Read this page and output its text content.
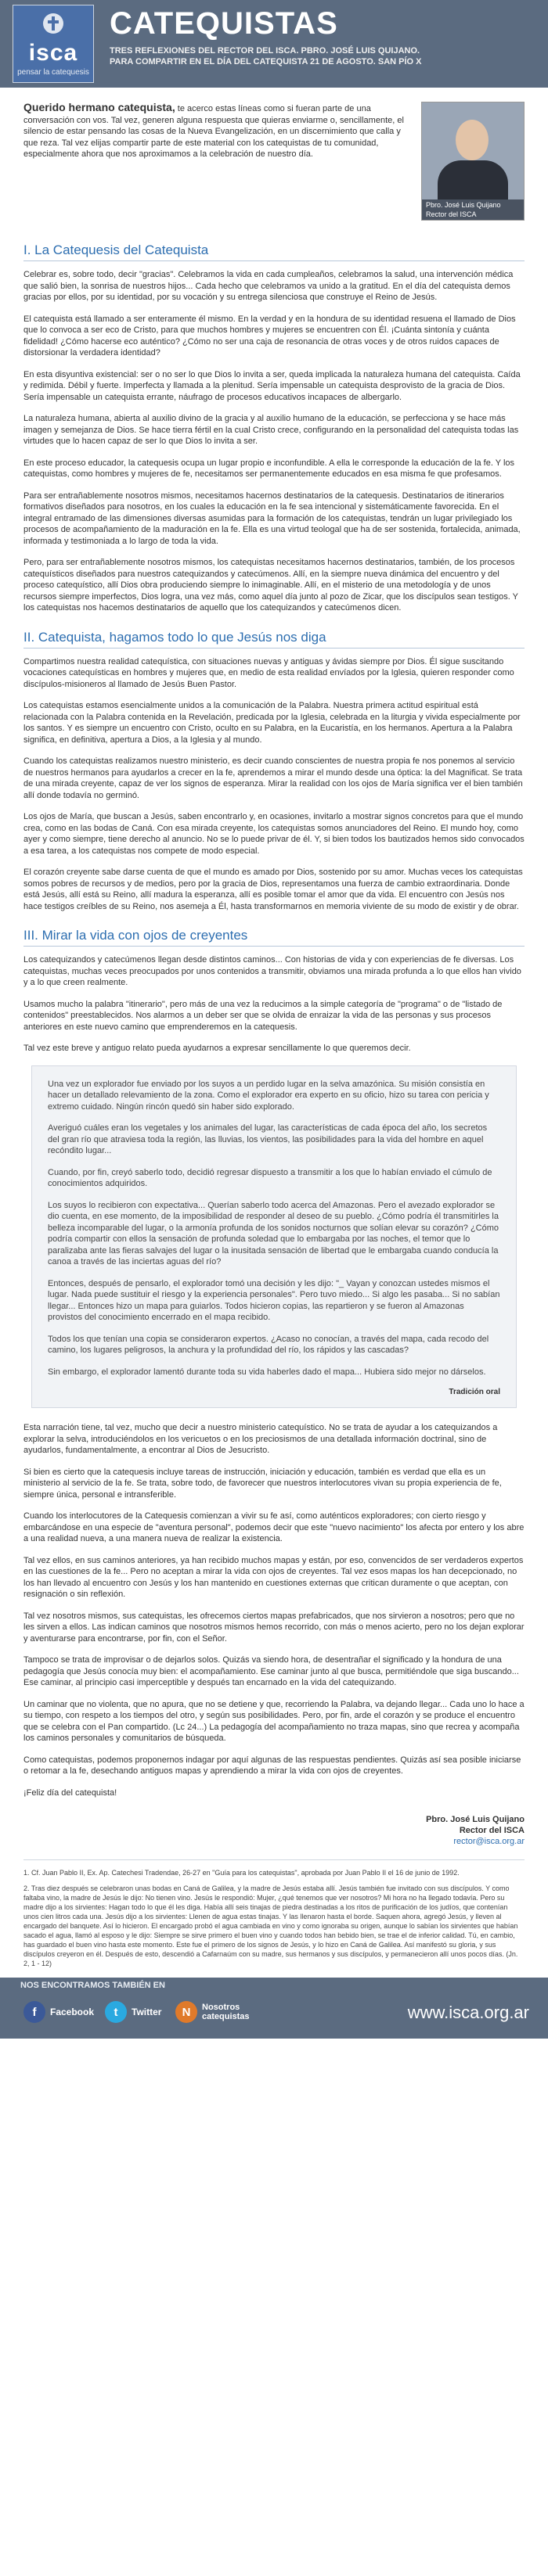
isca
pensar la catequesis
CATEQUISTAS
TRES REFLEXIONES DEL RECTOR DEL ISCA. PBRO. JOSÉ LUIS QUIJANO.
PARA COMPARTIR EN EL DÍA DEL CATEQUISTA 21 DE AGOSTO. SAN PÍO X
Pbro. José Luis Quijano
Rector del ISCA

Querido hermano catequista, te acerco estas líneas como si fueran parte de una conversación con vos. Tal vez, generen alguna respuesta que quieras enviarme o, sencillamente, el silencio de estar pensando las cosas de la Nueva Evangelización, en un discernimiento que calla y que reza. Tal vez elijas compartir parte de este material con los catequistas de tu comunidad, especialmente ahora que nos aproximamos a la celebración de nuestro día.

I. La Catequesis del Catequista

Celebrar es, sobre todo, decir "gracias". Celebramos la vida en cada cumpleaños, celebramos la salud, una intervención médica que salió bien, la sonrisa de nuestros hijos... Cada hecho que celebramos va unido a la gratitud. En el día del catequista demos gracias por ellos, por su identidad, por su vocación y su entrega silenciosa que construye el Reino de Jesús.

El catequista está llamado a ser enteramente él mismo. En la verdad y en la hondura de su identidad resuena el llamado de Dios que lo convoca a ser eco de Cristo, para que muchos hombres y mujeres se encuentren con Él. ¡Cuánta sintonía y cuánta fidelidad! ¿Cómo hacerse eco auténtico? ¿Cómo no ser una caja de resonancia de otras voces y de otros ruidos capaces de distorsionar la verdadera identidad?

En esta disyuntiva existencial: ser o no ser lo que Dios lo invita a ser, queda implicada la naturaleza humana del catequista. Caída y redimida. Débil y fuerte. Imperfecta y llamada a la plenitud. Sería impensable un catequista desprovisto de la gracia de Dios. Sería impensable un catequista errante, náufrago de procesos educativos incapaces de albergarlo.

La naturaleza humana, abierta al auxilio divino de la gracia y al auxilio humano de la educación, se perfecciona y se hace más imagen y semejanza de Dios. Se hace tierra fértil en la cual Cristo crece, configurando en la personalidad del catequista todas las virtudes que lo hacen capaz de ser lo que Dios lo invita a ser.

En este proceso educador, la catequesis ocupa un lugar propio e inconfundible. A ella le corresponde la educación de la fe. Y los catequistas, como hombres y mujeres de fe, necesitamos ser permanentemente educados en esa misma fe que profesamos.

Para ser entrañablemente nosotros mismos, necesitamos hacernos destinatarios de la catequesis. Destinatarios de itinerarios formativos diseñados para nosotros, en los cuales la educación en la fe sea intencional y sistemáticamente favorecida. En el integral entramado de las dimensiones diversas asumidas para la formación de los catequistas, tendrán un lugar privilegiado los procesos de acompañamiento de la maduración en la fe. Ella es una virtud teologal que ha de ser sostenida, fortalecida, animada, informada y testimoniada a lo largo de toda la vida.

Pero, para ser entrañablemente nosotros mismos, los catequistas necesitamos hacernos destinatarios, también, de los procesos catequísticos diseñados para nuestros catequizandos y catecúmenos. Allí, en la siempre nueva dinámica del encuentro y del proceso catequístico, allí Dios obra produciendo siempre lo inimaginable. Allí, en el misterio de una metodología y de unos recursos siempre imperfectos, Dios logra, una vez más, como aquel día junto al pozo de Zicar, que los discípulos sean testigos. Y los catequistas nos hacemos destinatarios de aquello que los catequizandos y catecúmenos dicen.

II. Catequista, hagamos todo lo que Jesús nos diga

Compartimos nuestra realidad catequística, con situaciones nuevas y antiguas y ávidas siempre por Dios. Él sigue suscitando vocaciones catequísticas en hombres y mujeres que, en medio de esta realidad envíados por la Iglesia, quieren responder como discípulos-misioneros al llamado de Jesús Buen Pastor.

Los catequistas estamos esencialmente unidos a la comunicación de la Palabra. Nuestra primera actitud espiritual está relacionada con la Palabra contenida en la Revelación, predicada por la Iglesia, celebrada en la liturgia y vivida especialmente por los santos. Y es siempre un encuentro con Cristo, oculto en su Palabra, en la Eucaristía, en los hermanos. Apertura a la Palabra significa, en definitiva, apertura a Dios, a la Iglesia y al mundo.

Cuando los catequistas realizamos nuestro ministerio, es decir cuando conscientes de nuestra propia fe nos ponemos al servicio de nuestros hermanos para ayudarlos a crecer en la fe, aprendemos a mirar el mundo desde una óptica: la del Magnificat. Se trata de una mirada creyente, capaz de ver los signos de esperanza. Mirar la realidad con los ojos de María significa ver el bien también allí donde todavía no germinó.

Los ojos de María, que buscan a Jesús, saben encontrarlo y, en ocasiones, invitarlo a mostrar signos concretos para que el mundo crea, como en las bodas de Caná. Con esa mirada creyente, los catequistas somos anunciadores del Reino. El mundo hoy, como ayer y como siempre, tiene derecho al anuncio. No se lo puede privar de él. Y, si bien todos los bautizados hemos sido convocados a esa tarea, a los catequistas nos compete de modo especial.

El corazón creyente sabe darse cuenta de que el mundo es amado por Dios, sostenido por su amor. Muchas veces los catequistas somos pobres de recursos y de medios, pero por la gracia de Dios, representamos una fuerza de cambio extraordinaria. Donde está Jesús, allí está su Reino, allí madura la esperanza, allí es posible tomar el amor que da vida. El encuentro con Jesús nos hace testigos creíbles de su Reino, nos asemeja a Él, hasta transformarnos en memoria viviente de su modo de existir y de obrar.

III. Mirar la vida con ojos de creyentes

Los catequizandos y catecúmenos llegan desde distintos caminos... Con historias de vida y con experiencias de fe diversas. Los catequistas, muchas veces preocupados por unos contenidos a transmitir, obviamos una mirada profunda a lo que ellos han vivido y a lo que creen realmente.

Usamos mucho la palabra "itinerario", pero más de una vez la reducimos a la simple categoría de "programa" o de "listado de contenidos" preestablecidos. Nos alarmos a un deber ser que se olvida de enraizar la vida de las personas y sus procesos anteriores en este nuevo camino que emprenderemos en la catequesis.

Tal vez este breve y antiguo relato pueda ayudarnos a expresar sencillamente lo que queremos decir.

Una vez un explorador fue enviado por los suyos a un perdido lugar en la selva amazónica. Su misión consistía en hacer un detallado relevamiento de la zona. Como el explorador era experto en su oficio, hizo su tarea con pericia y extremo cuidado. Ningún rincón quedó sin haber sido explorado.

Averiguó cuáles eran los vegetales y los animales del lugar, las características de cada época del año, los secretos del gran río que atraviesa toda la región, las lluvias, los vientos, las posibilidades para la vida del hombre en aquel recóndito lugar...

Cuando, por fin, creyó saberlo todo, decidió regresar dispuesto a transmitir a los que lo habían enviado el cúmulo de conocimientos adquiridos.

Los suyos lo recibieron con expectativa... Querían saberlo todo acerca del Amazonas. Pero el avezado explorador se dio cuenta, en ese momento, de la imposibilidad de responder al deseo de su pueblo. ¿Cómo podría él transmitirles la belleza incomparable del lugar, o la armonía profunda de los sonidos nocturnos que solían elevar su corazón? ¿Cómo podría compartir con ellos la sensación de profunda soledad que lo embargaba por las noches, el temor que lo paralizaba ante las fieras salvajes del lugar o la inusitada sensación de libertad que le embargaba cuando conducía la canoa a través de las inciertas aguas del río?

Entonces, después de pensarlo, el explorador tomó una decisión y les dijo: "_ Vayan y conozcan ustedes mismos el lugar. Nada puede sustituir el riesgo y la experiencia personales". Pero tuvo miedo... Si algo les pasaba... Si no sabían llegar... Entonces hizo un mapa para guiarlos. Todos hicieron copias, las repartieron y se fueron al Amazonas provistos del conocimiento encerrado en el mapa recibido.

Todos los que tenían una copia se consideraron expertos. ¿Acaso no conocían, a través del mapa, cada recodo del camino, los lugares peligrosos, la anchura y la profundidad del río, los rápidos y las cascadas?

Sin embargo, el explorador lamentó durante toda su vida haberles dado el mapa... Hubiera sido mejor no dárselos.

Tradición oral

Esta narración tiene, tal vez, mucho que decir a nuestro ministerio catequístico. No se trata de ayudar a los catequizandos a explorar la selva, introduciéndolos en los vericuetos o en los preciosismos de una detallada información doctrinal, sino de ayudarlos, fundamentalmente, a encontrar al Dios de Jesucristo.

Si bien es cierto que la catequesis incluye tareas de instrucción, iniciación y educación, también es verdad que ella es un ministerio al servicio de la fe. Se trata, sobre todo, de favorecer que nuestros interlocutores vivan su propia experiencia de fe, siempre única, personal e intransferible.

Cuando los interlocutores de la Catequesis comienzan a vivir su fe así, como auténticos exploradores; con cierto riesgo y embarcándose en una especie de "aventura personal", podemos decir que este "nuevo nacimiento" los afecta por entero y los abre a una realidad nueva, a una manera nueva de realizar la existencia.

Tal vez ellos, en sus caminos anteriores, ya han recibido muchos mapas y están, por eso, convencidos de ser verdaderos expertos en las cuestiones de la fe... Pero no aceptan a mirar la vida con ojos de creyentes. Tal vez esos mapas los han decepcionado, no los han llevado al encuentro con Jesús y los han mantenido en cuestiones externas que critican duramente o que aceptan, con resignación o sin reflexión.

Tal vez nosotros mismos, sus catequistas, les ofrecemos ciertos mapas prefabricados, que nos sirvieron a nosotros; pero que no les sirven a ellos. Las indican caminos que nosotros mismos hemos recorrido, con más o menos acierto, pero no los dejan explorar y aventurarse para encontrarse, por fin, con el Señor.

Tampoco se trata de improvisar o de dejarlos solos. Quizás va siendo hora, de desentrañar el significado y la hondura de una pedagogía que Jesús conocía muy bien: el acompañamiento. Ese caminar junto al que busca, permitiéndole que siga buscando... Ese caminar, al principio casi imperceptible y después tan encarnado en la vida del catequizando.

Un caminar que no violenta, que no apura, que no se detiene y que, recorriendo la Palabra, va dejando llegar... Cada uno lo hace a su tiempo, con respeto a los tiempos del otro, y según sus posibilidades. Pero, por fin, arde el corazón y se produce el encuentro que se celebra con el Pan compartido. (Lc 24...) La pedagogía del acompañamiento no traza mapas, sino que recrea y acompaña los caminos personales y comunitarios de búsqueda.

Como catequistas, podemos proponernos indagar por aquí algunas de las respuestas pendientes. Quizás así sea posible iniciarse o retomar a la fe, desechando antiguos mapas y aprendiendo a mirar la vida con ojos de creyentes.

¡Feliz día del catequista!

Pbro. José Luis Quijano
Rector del ISCA
rector@isca.org.ar

1. Cf. Juan Pablo II, Ex. Ap. Catechesi Tradendae, 26-27 en "Guía para los catequistas", aprobada por Juan Pablo II el 16 de junio de 1992.

2. Tras diez después se celebraron unas bodas en Caná de Galilea, y la madre de Jesús estaba allí. Jesús también fue invitado con sus discípulos. Y como faltaba vino, la madre de Jesús le dijo: No tienen vino. Jesús le respondió: Mujer, ¿qué tenemos que ver nosotros? Mi hora no ha llegado todavía. Pero su madre dijo a los sirvientes: Hagan todo lo que él les diga. Había allí seis tinajas de piedra destinadas a los ritos de purificación de los judíos, que contenían unos cien litros cada una. Jesús dijo a los sirvientes: Llenen de agua estas tinajas. Y las llenaron hasta el borde. Saquen ahora, agregó Jesús, y lleven al encargado del banquete. Así lo hicieron. El encargado probó el agua cambiada en vino y como ignoraba su origen, aunque lo sabían los sirvientes que habían sacado el agua, llamó al esposo y le dijo: Siempre se sirve primero el buen vino y cuando todos han bebido bien, se trae el de inferior calidad. Tú, en cambio, has guardado el buen vino hasta este momento. Este fue el primero de los signos de Jesús, y lo hizo en Caná de Galilea. Así manifestó su gloria, y sus discípulos creyeron en él. Después de esto, descendió a Cafarnaúm con su madre, sus hermanos y sus discípulos, y permanecieron allí unos pocos días. (Jn. 2, 1 - 12)

NOS ENCONTRAMOS TAMBIÉN EN
f	Facebook	t	Twitter	N	Nosotros
catequistas	www.isca.org.ar
